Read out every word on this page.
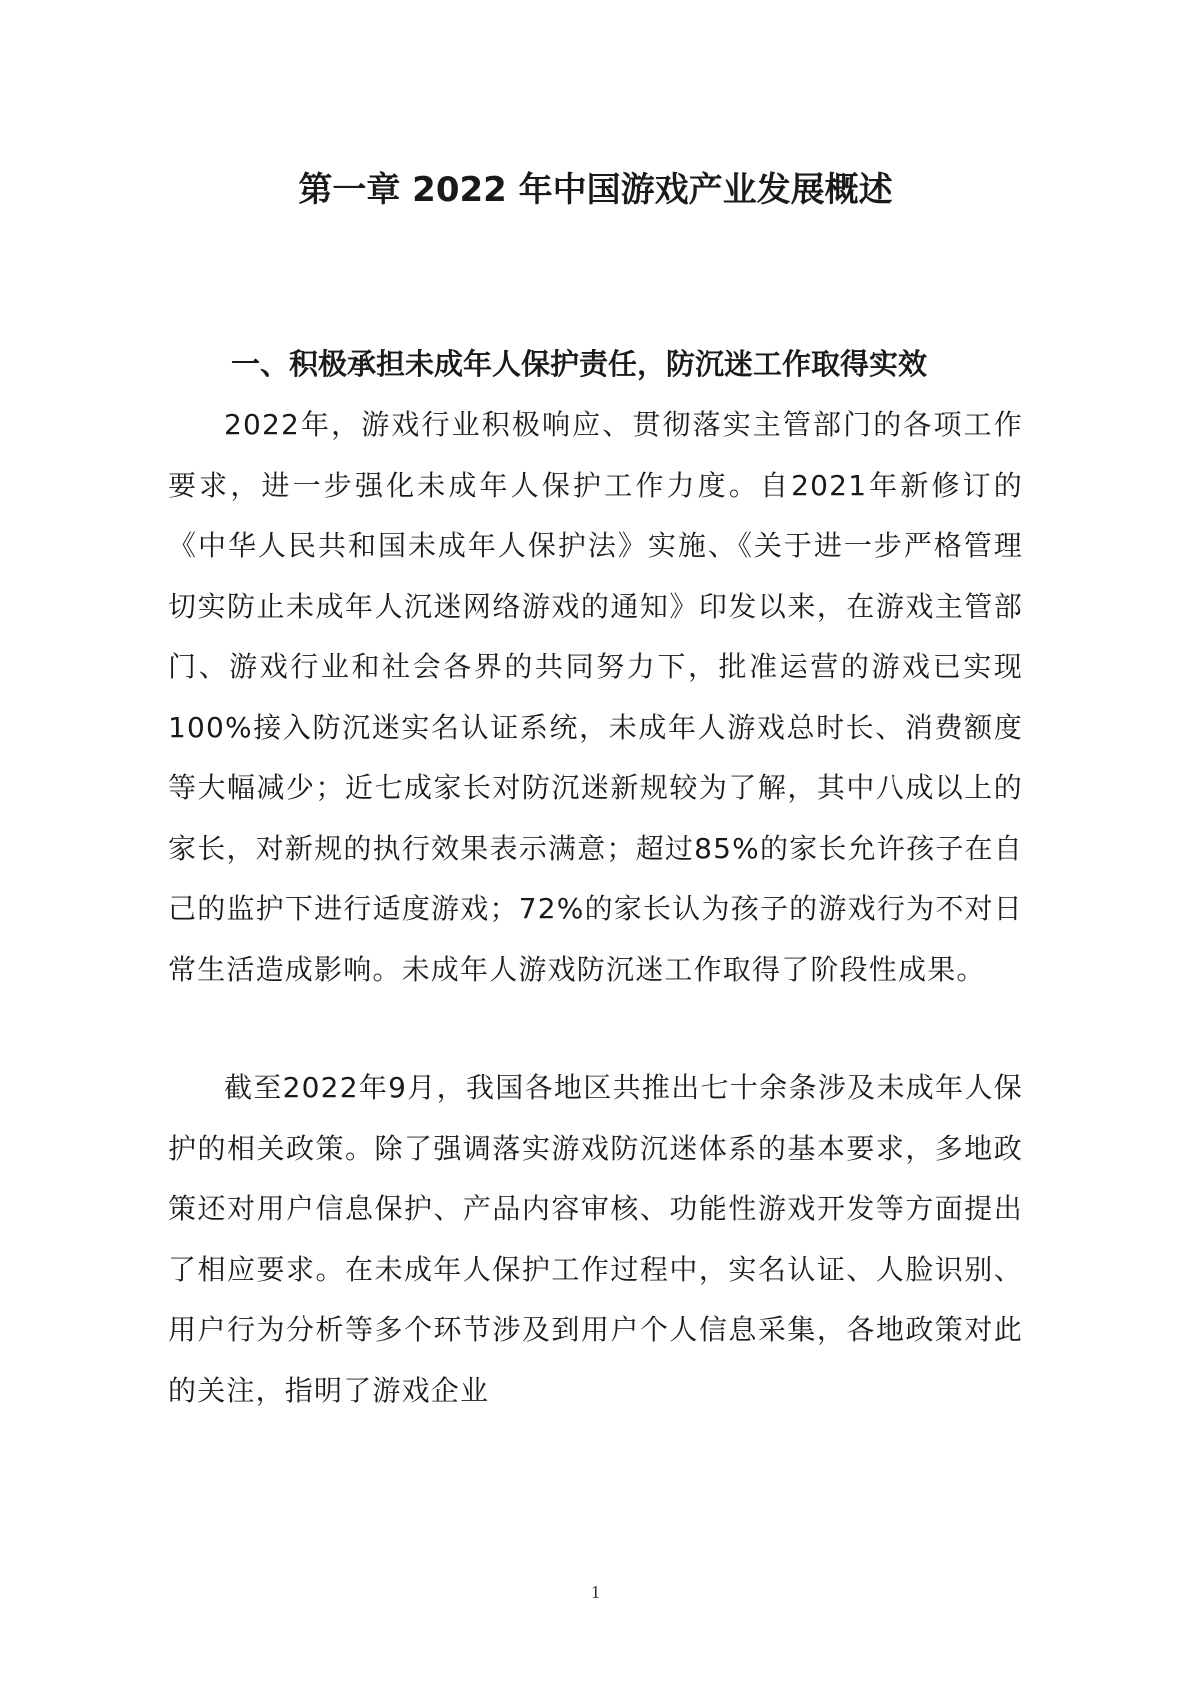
第一章 2022 年中国游戏产业发展概述
一、积极承担未成年人保护责任，防沉迷工作取得实效

2022年，游戏行业积极响应、贯彻落实主管部门的各项工作要求，进一步强化未成年人保护工作力度。自2021年新修订的《中华人民共和国未成年人保护法》实施、《关于进一步严格管理 切实防止未成年人沉迷网络游戏的通知》印发以来，在游戏主管部门、游戏行业和社会各界的共同努力下，批准运营的游戏已实现100%接入防沉迷实名认证系统，未成年人游戏总时长、消费额度等大幅减少；近七成家长对防沉迷新规较为了解，其中八成以上的家长，对新规的执行效果表示满意；超过85%的家长允许孩子在自己的监护下进行适度游戏；72%的家长认为孩子的游戏行为不对日常生活造成影响。未成年人游戏防沉迷工作取得了阶段性成果。

截至2022年9月，我国各地区共推出七十余条涉及未成年人保护的相关政策。除了强调落实游戏防沉迷体系的基本要求，多地政策还对用户信息保护、产品内容审核、功能性游戏开发等方面提出了相应要求。在未成年人保护工作过程中，实名认证、人脸识别、用户行为分析等多个环节涉及到用户个人信息采集，各地政策对此的关注，指明了游戏企业

1
